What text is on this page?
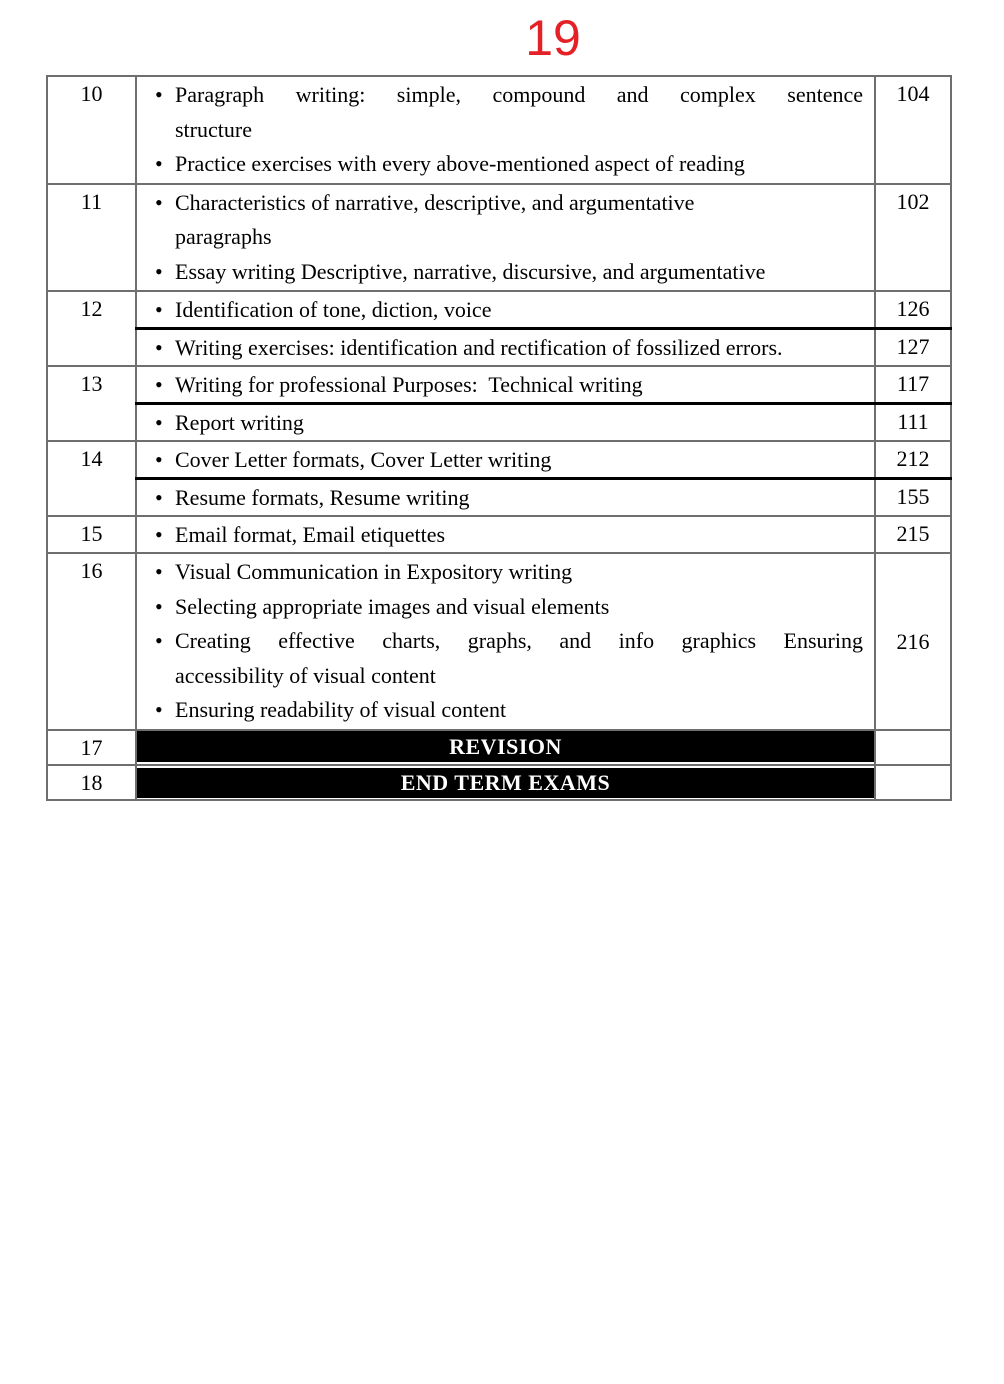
19
10	• Paragraph writing: simple, compound and complex sentence
structure
• Practice exercises with every above-mentioned aspect of reading	104
11	• Characteristics of narrative, descriptive, and argumentative
paragraphs
• Essay writing Descriptive, narrative, discursive, and argumentative	102
12	• Identification of tone, diction, voice	126

	• Writing exercises: identification and rectification of fossilized errors.	127
13	• Writing for professional Purposes:  Technical writing	117

	• Report writing	111
14	• Cover Letter formats, Cover Letter writing	212

	• Resume formats, Resume writing	155
15	• Email format, Email etiquettes	215
16	• Visual Communication in Expository writing
• Selecting appropriate images and visual elements
• Creating effective charts, graphs, and info graphics Ensuring
accessibility of visual content
• Ensuring readability of visual content
	216
17	REVISION	

18	END TERM EXAMS	
